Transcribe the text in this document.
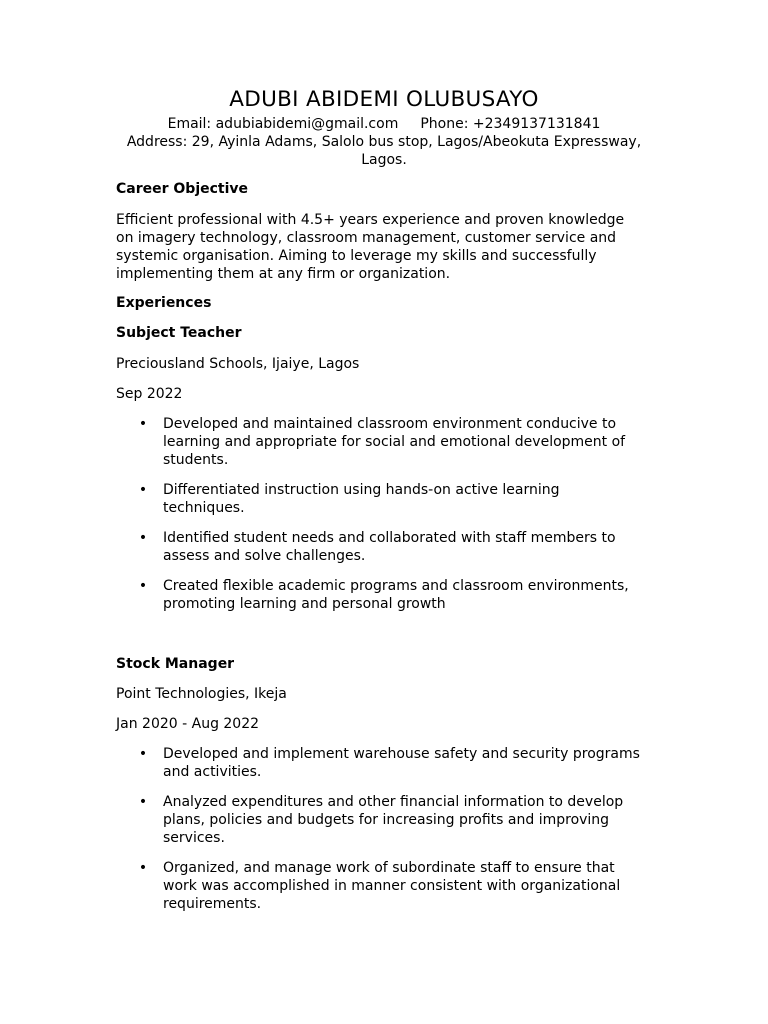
ADUBI ABIDEMI OLUBUSAYO
Email: adubiabidemi@gmail.com Phone: +2349137131841
Address: 29, Ayinla Adams, Salolo bus stop, Lagos/Abeokuta Expressway,
Lagos.
Career Objective
Efficient professional with 4.5+ years experience and proven knowledge
on imagery technology, classroom management, customer service and
systemic organisation. Aiming to leverage my skills and successfully
implementing them at any firm or organization.
Experiences
Subject Teacher
Preciousland Schools, Ijaiye, Lagos
Sep 2022
• Developed and maintained classroom environment conducive to
learning and appropriate for social and emotional development of
students.
• Differentiated instruction using hands-on active learning
techniques.
• Identified student needs and collaborated with staff members to
assess and solve challenges.
• Created flexible academic programs and classroom environments,
promoting learning and personal growth
Stock Manager
Point Technologies, Ikeja
Jan 2020 - Aug 2022
• Developed and implement warehouse safety and security programs
and activities.
• Analyzed expenditures and other financial information to develop
plans, policies and budgets for increasing profits and improving
services.
• Organized, and manage work of subordinate staff to ensure that
work was accomplished in manner consistent with organizational
requirements.
